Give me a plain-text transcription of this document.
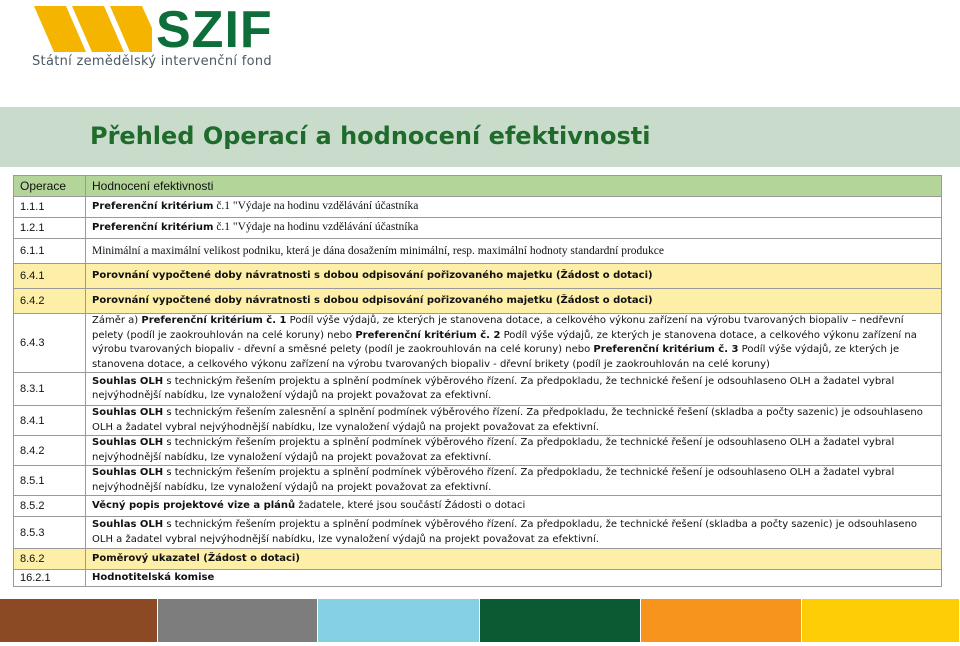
SZIF
Státní zemědělský intervenční fond
Přehled Operací a hodnocení efektivnosti
Operace	Hodnocení efektivnosti
1.1.1	Preferenční kritérium č.1 "Výdaje na hodinu vzdělávání účastníka
1.2.1	Preferenční kritérium č.1 "Výdaje na hodinu vzdělávání účastníka
6.1.1	Minimální a maximální velikost podniku, která je dána dosažením minimální, resp. maximální hodnoty standardní produkce
6.4.1	Porovnání vypočtené doby návratnosti s dobou odpisování pořizovaného majetku (Žádost o dotaci)
6.4.2	Porovnání vypočtené doby návratnosti s dobou odpisování pořizovaného majetku (Žádost o dotaci)
6.4.3	Záměr a) Preferenční kritérium č. 1 Podíl výše výdajů, ze kterých je stanovena dotace, a celkového výkonu zařízení na výrobu tvarovaných biopaliv – nedřevní pelety (podíl je zaokrouhlován na celé koruny) nebo Preferenční kritérium č. 2 Podíl výše výdajů, ze kterých je stanovena dotace, a celkového výkonu zařízení na výrobu tvarovaných biopaliv - dřevní a směsné pelety (podíl je zaokrouhlován na celé koruny) nebo Preferenční kritérium č. 3 Podíl výše výdajů, ze kterých je stanovena dotace, a celkového výkonu zařízení na výrobu tvarovaných biopaliv - dřevní brikety (podíl je zaokrouhlován na celé koruny)
8.3.1	Souhlas OLH s technickým řešením projektu a splnění podmínek výběrového řízení. Za předpokladu, že technické řešení je odsouhlaseno OLH a žadatel vybral nejvýhodnější nabídku, lze vynaložení výdajů na projekt považovat za efektivní.
8.4.1	Souhlas OLH s technickým řešením zalesnění a splnění podmínek výběrového řízení. Za předpokladu, že technické řešení (skladba a počty sazenic) je odsouhlaseno OLH a žadatel vybral nejvýhodnější nabídku, lze vynaložení výdajů na projekt považovat za efektivní.
8.4.2	Souhlas OLH s technickým řešením projektu a splnění podmínek výběrového řízení. Za předpokladu, že technické řešení je odsouhlaseno OLH a žadatel vybral nejvýhodnější nabídku, lze vynaložení výdajů na projekt považovat za efektivní.
8.5.1	Souhlas OLH s technickým řešením projektu a splnění podmínek výběrového řízení. Za předpokladu, že technické řešení je odsouhlaseno OLH a žadatel vybral nejvýhodnější nabídku, lze vynaložení výdajů na projekt považovat za efektivní.
8.5.2	Věcný popis projektové vize a plánů žadatele, které jsou součástí Žádosti o dotaci
8.5.3	Souhlas OLH s technickým řešením projektu a splnění podmínek výběrového řízení. Za předpokladu, že technické řešení (skladba a počty sazenic) je odsouhlaseno OLH a žadatel vybral nejvýhodnější nabídku, lze vynaložení výdajů na projekt považovat za efektivní.
8.6.2	Poměrový ukazatel (Žádost o dotaci)
16.2.1	Hodnotitelská komise
